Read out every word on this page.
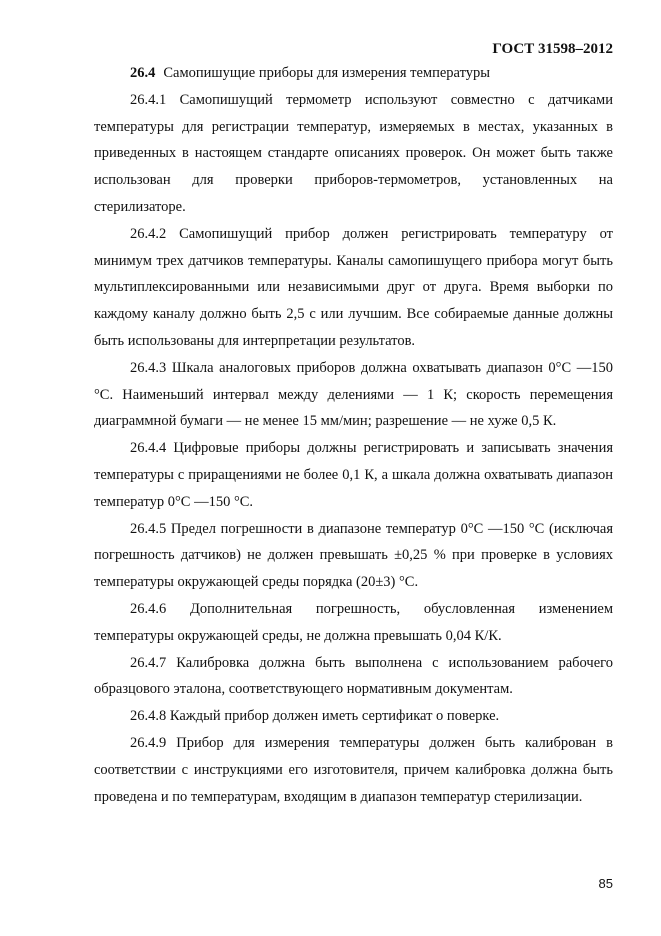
ГОСТ 31598–2012

26.4 Самопишущие приборы для измерения температуры

26.4.1 Самопишущий термометр используют совместно с датчиками температуры для регистрации температур, измеряемых в местах, указанных в приведенных в настоящем стандарте описаниях проверок. Он может быть также использован для проверки приборов-термометров, установленных на стерилизаторе.

26.4.2 Самопишущий прибор должен регистрировать температуру от минимум трех датчиков температуры. Каналы самопишущего прибора могут быть мультиплексированными или независимыми друг от друга. Время выборки по каждому каналу должно быть 2,5 с или лучшим. Все собираемые данные должны быть использованы для интерпретации результатов.

26.4.3 Шкала аналоговых приборов должна охватывать диапазон 0°С —150 °С. Наименьший интервал между делениями — 1 К; скорость перемещения диаграммной бумаги — не менее 15 мм/мин; разрешение — не хуже 0,5 К.

26.4.4 Цифровые приборы должны регистрировать и записывать значения температуры с приращениями не более 0,1 К, а шкала должна охватывать диапазон температур 0°С —150 °С.

26.4.5 Предел погрешности в диапазоне температур 0°С —150 °С (исключая погрешность датчиков) не должен превышать ±0,25 % при проверке в условиях температуры окружающей среды порядка (20±3) °С.

26.4.6 Дополнительная погрешность, обусловленная изменением температуры окружающей среды, не должна превышать 0,04 К/К.

26.4.7 Калибровка должна быть выполнена с использованием рабочего образцового эталона, соответствующего нормативным документам.

26.4.8 Каждый прибор должен иметь сертификат о поверке.

26.4.9 Прибор для измерения температуры должен быть калиброван в соответствии с инструкциями его изготовителя, причем калибровка должна быть проведена и по температурам, входящим в диапазон температур стерилизации.

85
